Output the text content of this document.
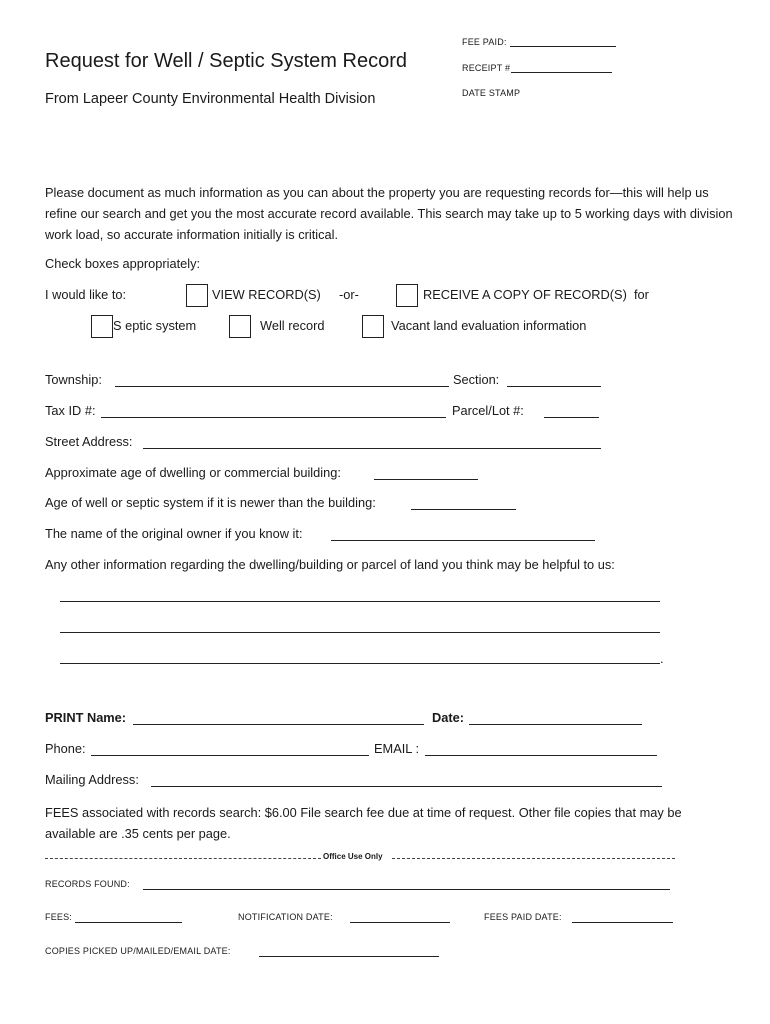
Request for Well / Septic System Record
From Lapeer County Environmental Health Division
FEE PAID:
RECEIPT #
DATE STAMP
Please document as much information as you can about the property you are requesting records for—this will help us refine our search and get you the most accurate record available. This search may take up to 5 working days with division work load, so accurate information initially is critical.
Check boxes appropriately:
I would like to:	VIEW RECORD(S) -or-	RECEIVE A COPY OF RECORD(S) for
S eptic system	Well record	Vacant land evaluation information
Township:	Section:
Tax ID #:	Parcel/Lot #:
Street Address:
Approximate age of dwelling or commercial building:
Age of well or septic system if it is newer than the building:
The name of the original owner if you know it:
Any other information regarding the dwelling/building or parcel of land you think may be helpful to us:
.
PRINT Name:	Date:
Phone:	EMAIL :
Mailing Address:
FEES associated with records search: $6.00 File search fee due at time of request. Other file copies that may be available are .35 cents per page.
Office Use Only
RECORDS FOUND:
FEES:	NOTIFICATION DATE:	FEES PAID DATE:
COPIES PICKED UP/MAILED/EMAIL DATE:
